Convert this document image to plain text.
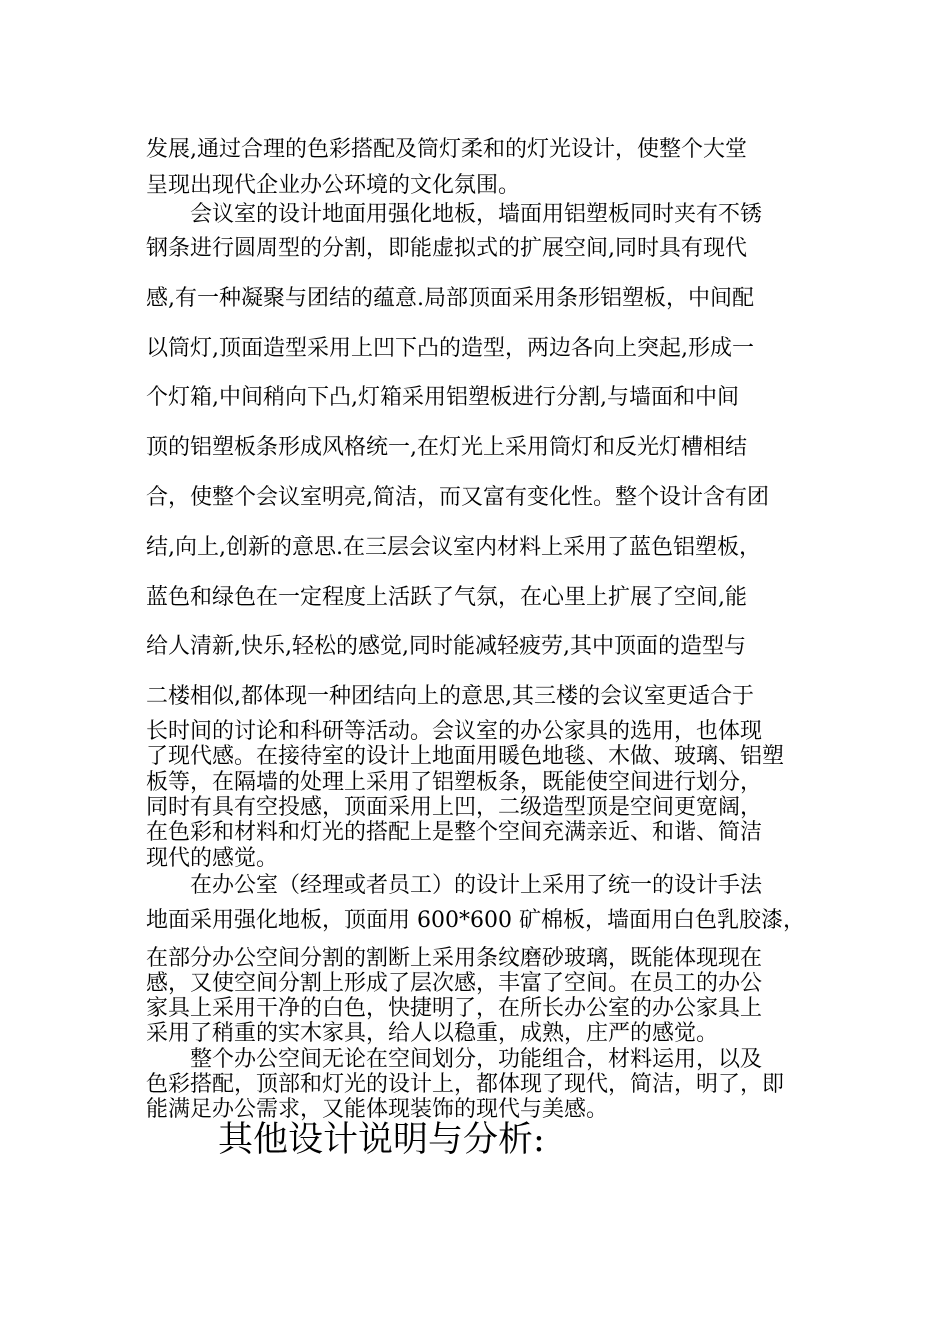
发展,通过合理的色彩搭配及筒灯柔和的灯光设计，使整个大堂
呈现出现代企业办公环境的文化氛围。
　　会议室的设计地面用强化地板，墙面用铝塑板同时夹有不锈
钢条进行圆周型的分割，即能虚拟式的扩展空间,同时具有现代
感,有一种凝聚与团结的蕴意.局部顶面采用条形铝塑板，中间配
以筒灯,顶面造型采用上凹下凸的造型，两边各向上突起,形成一
个灯箱,中间稍向下凸,灯箱采用铝塑板进行分割,与墙面和中间
顶的铝塑板条形成风格统一,在灯光上采用筒灯和反光灯槽相结
合，使整个会议室明亮,简洁，而又富有变化性。整个设计含有团
结,向上,创新的意思.在三层会议室内材料上采用了蓝色铝塑板，
蓝色和绿色在一定程度上活跃了气氛，在心里上扩展了空间,能
给人清新,快乐,轻松的感觉,同时能减轻疲劳,其中顶面的造型与
二楼相似,都体现一种团结向上的意思,其三楼的会议室更适合于
长时间的讨论和科研等活动。会议室的办公家具的选用，也体现
了现代感。在接待室的设计上地面用暖色地毯、木做、玻璃、铝塑
板等，在隔墙的处理上采用了铝塑板条，既能使空间进行划分，
同时有具有空投感，顶面采用上凹，二级造型顶是空间更宽阔，
在色彩和材料和灯光的搭配上是整个空间充满亲近、和谐、简洁
现代的感觉。
　　在办公室（经理或者员工）的设计上采用了统一的设计手法
地面采用强化地板，顶面用 600*600 矿棉板，墙面用白色乳胶漆，
在部分办公空间分割的割断上采用条纹磨砂玻璃，既能体现现在
感，又使空间分割上形成了层次感，丰富了空间。在员工的办公
家具上采用干净的白色，快捷明了，在所长办公室的办公家具上
采用了稍重的实木家具，给人以稳重，成熟，庄严的感觉。
　　整个办公空间无论在空间划分，功能组合，材料运用，以及
色彩搭配，顶部和灯光的设计上，都体现了现代，简洁，明了，即
能满足办公需求，又能体现装饰的现代与美感。
其他设计说明与分析:
